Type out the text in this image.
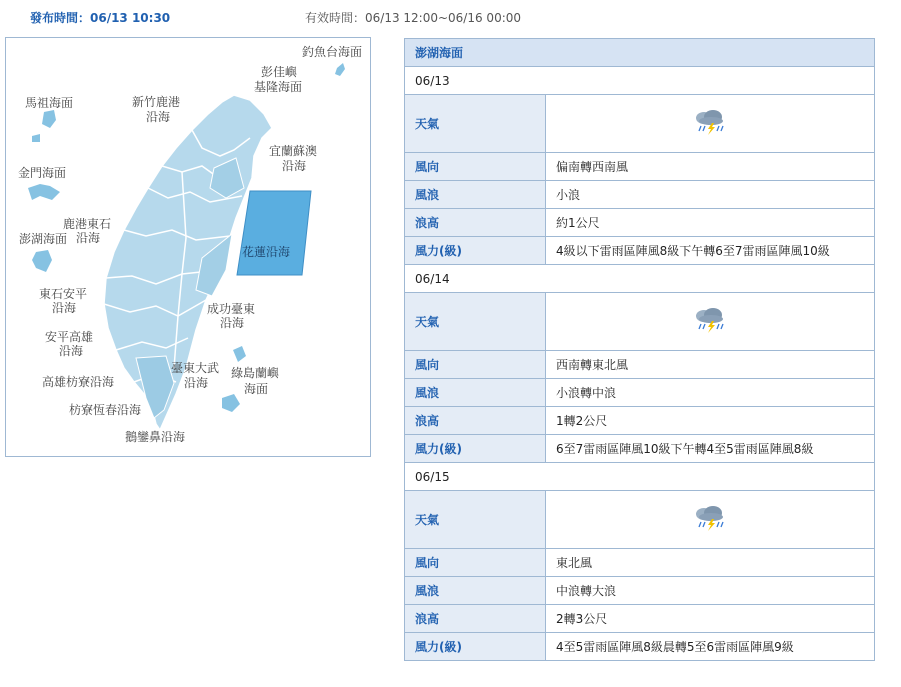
發布時間：06/13 10:30	有效時間：06/13 12:00~06/16 00:00
釣魚台海面
彭佳嶼
基隆海面
馬祖海面	新竹鹿港
沿海
宜蘭蘇澳
沿海
金門海面
鹿港東石
沿海
澎湖海面
花蓮沿海
東石安平
沿海	成功臺東
沿海
安平高雄
沿海
臺東大武
沿海
綠島蘭嶼
海面
高雄枋寮沿海
枋寮恆春沿海
鵝鑾鼻沿海
澎湖海面	
06/13	
天氣	
風向	偏南轉西南風
風浪	小浪
浪高	約1公尺
風力(級)	4級以下雷雨區陣風8級下午轉6至7雷雨區陣風10級
06/14	
天氣	
風向	西南轉東北風
風浪	小浪轉中浪
浪高	1轉2公尺
風力(級)	6至7雷雨區陣風10級下午轉4至5雷雨區陣風8級
06/15	
天氣	
風向	東北風
風浪	中浪轉大浪
浪高	2轉3公尺
風力(級)	4至5雷雨區陣風8級晨轉5至6雷雨區陣風9級
